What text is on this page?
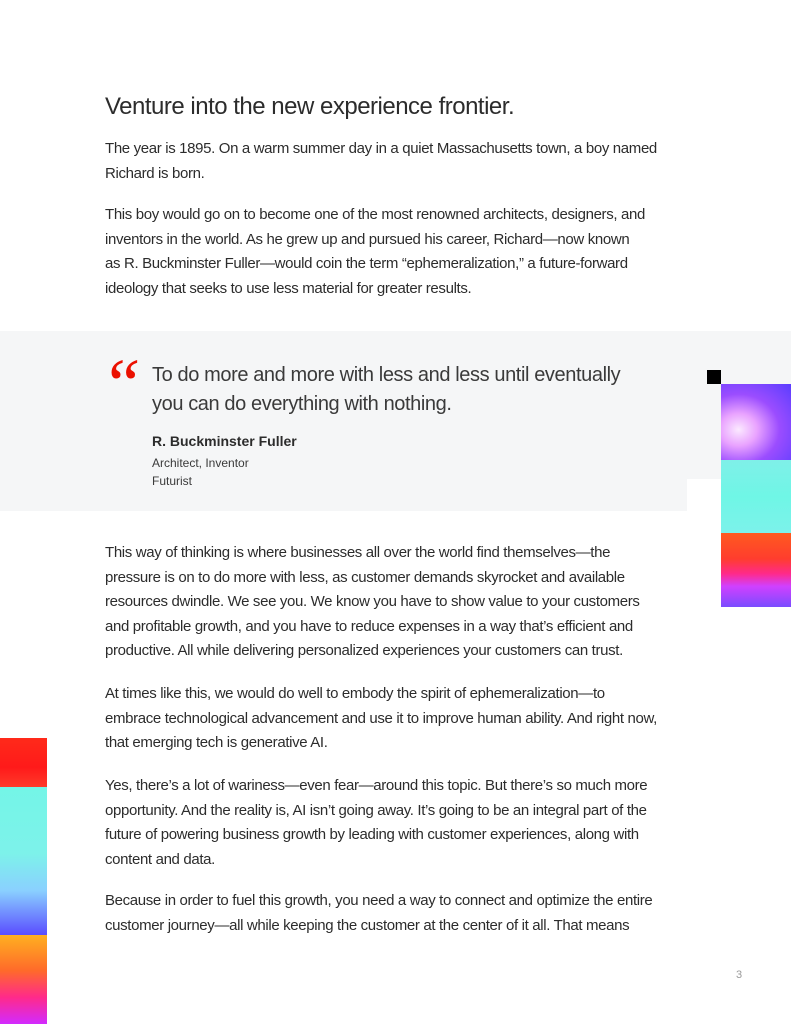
Venture into the new experience frontier.
The year is 1895. On a warm summer day in a quiet Massachusetts town, a boy named
Richard is born.
This boy would go on to become one of the most renowned architects, designers, and
inventors in the world. As he grew up and pursued his career, Richard—now known
as R. Buckminster Fuller—would coin the term “ephemeralization,” a future-forward
ideology that seeks to use less material for greater results.
“ To do more and more with less and less until eventually
you can do everything with nothing.
R. Buckminster Fuller
Architect, Inventor
Futurist
This way of thinking is where businesses all over the world find themselves—the
pressure is on to do more with less, as customer demands skyrocket and available
resources dwindle. We see you. We know you have to show value to your customers
and profitable growth, and you have to reduce expenses in a way that’s efficient and
productive. All while delivering personalized experiences your customers can trust.
At times like this, we would do well to embody the spirit of ephemeralization—to
embrace technological advancement and use it to improve human ability. And right now,
that emerging tech is generative AI.
Yes, there’s a lot of wariness—even fear—around this topic. But there’s so much more
opportunity. And the reality is, AI isn’t going away. It’s going to be an integral part of the
future of powering business growth by leading with customer experiences, along with
content and data.
Because in order to fuel this growth, you need a way to connect and optimize the entire
customer journey—all while keeping the customer at the center of it all. That means
3
